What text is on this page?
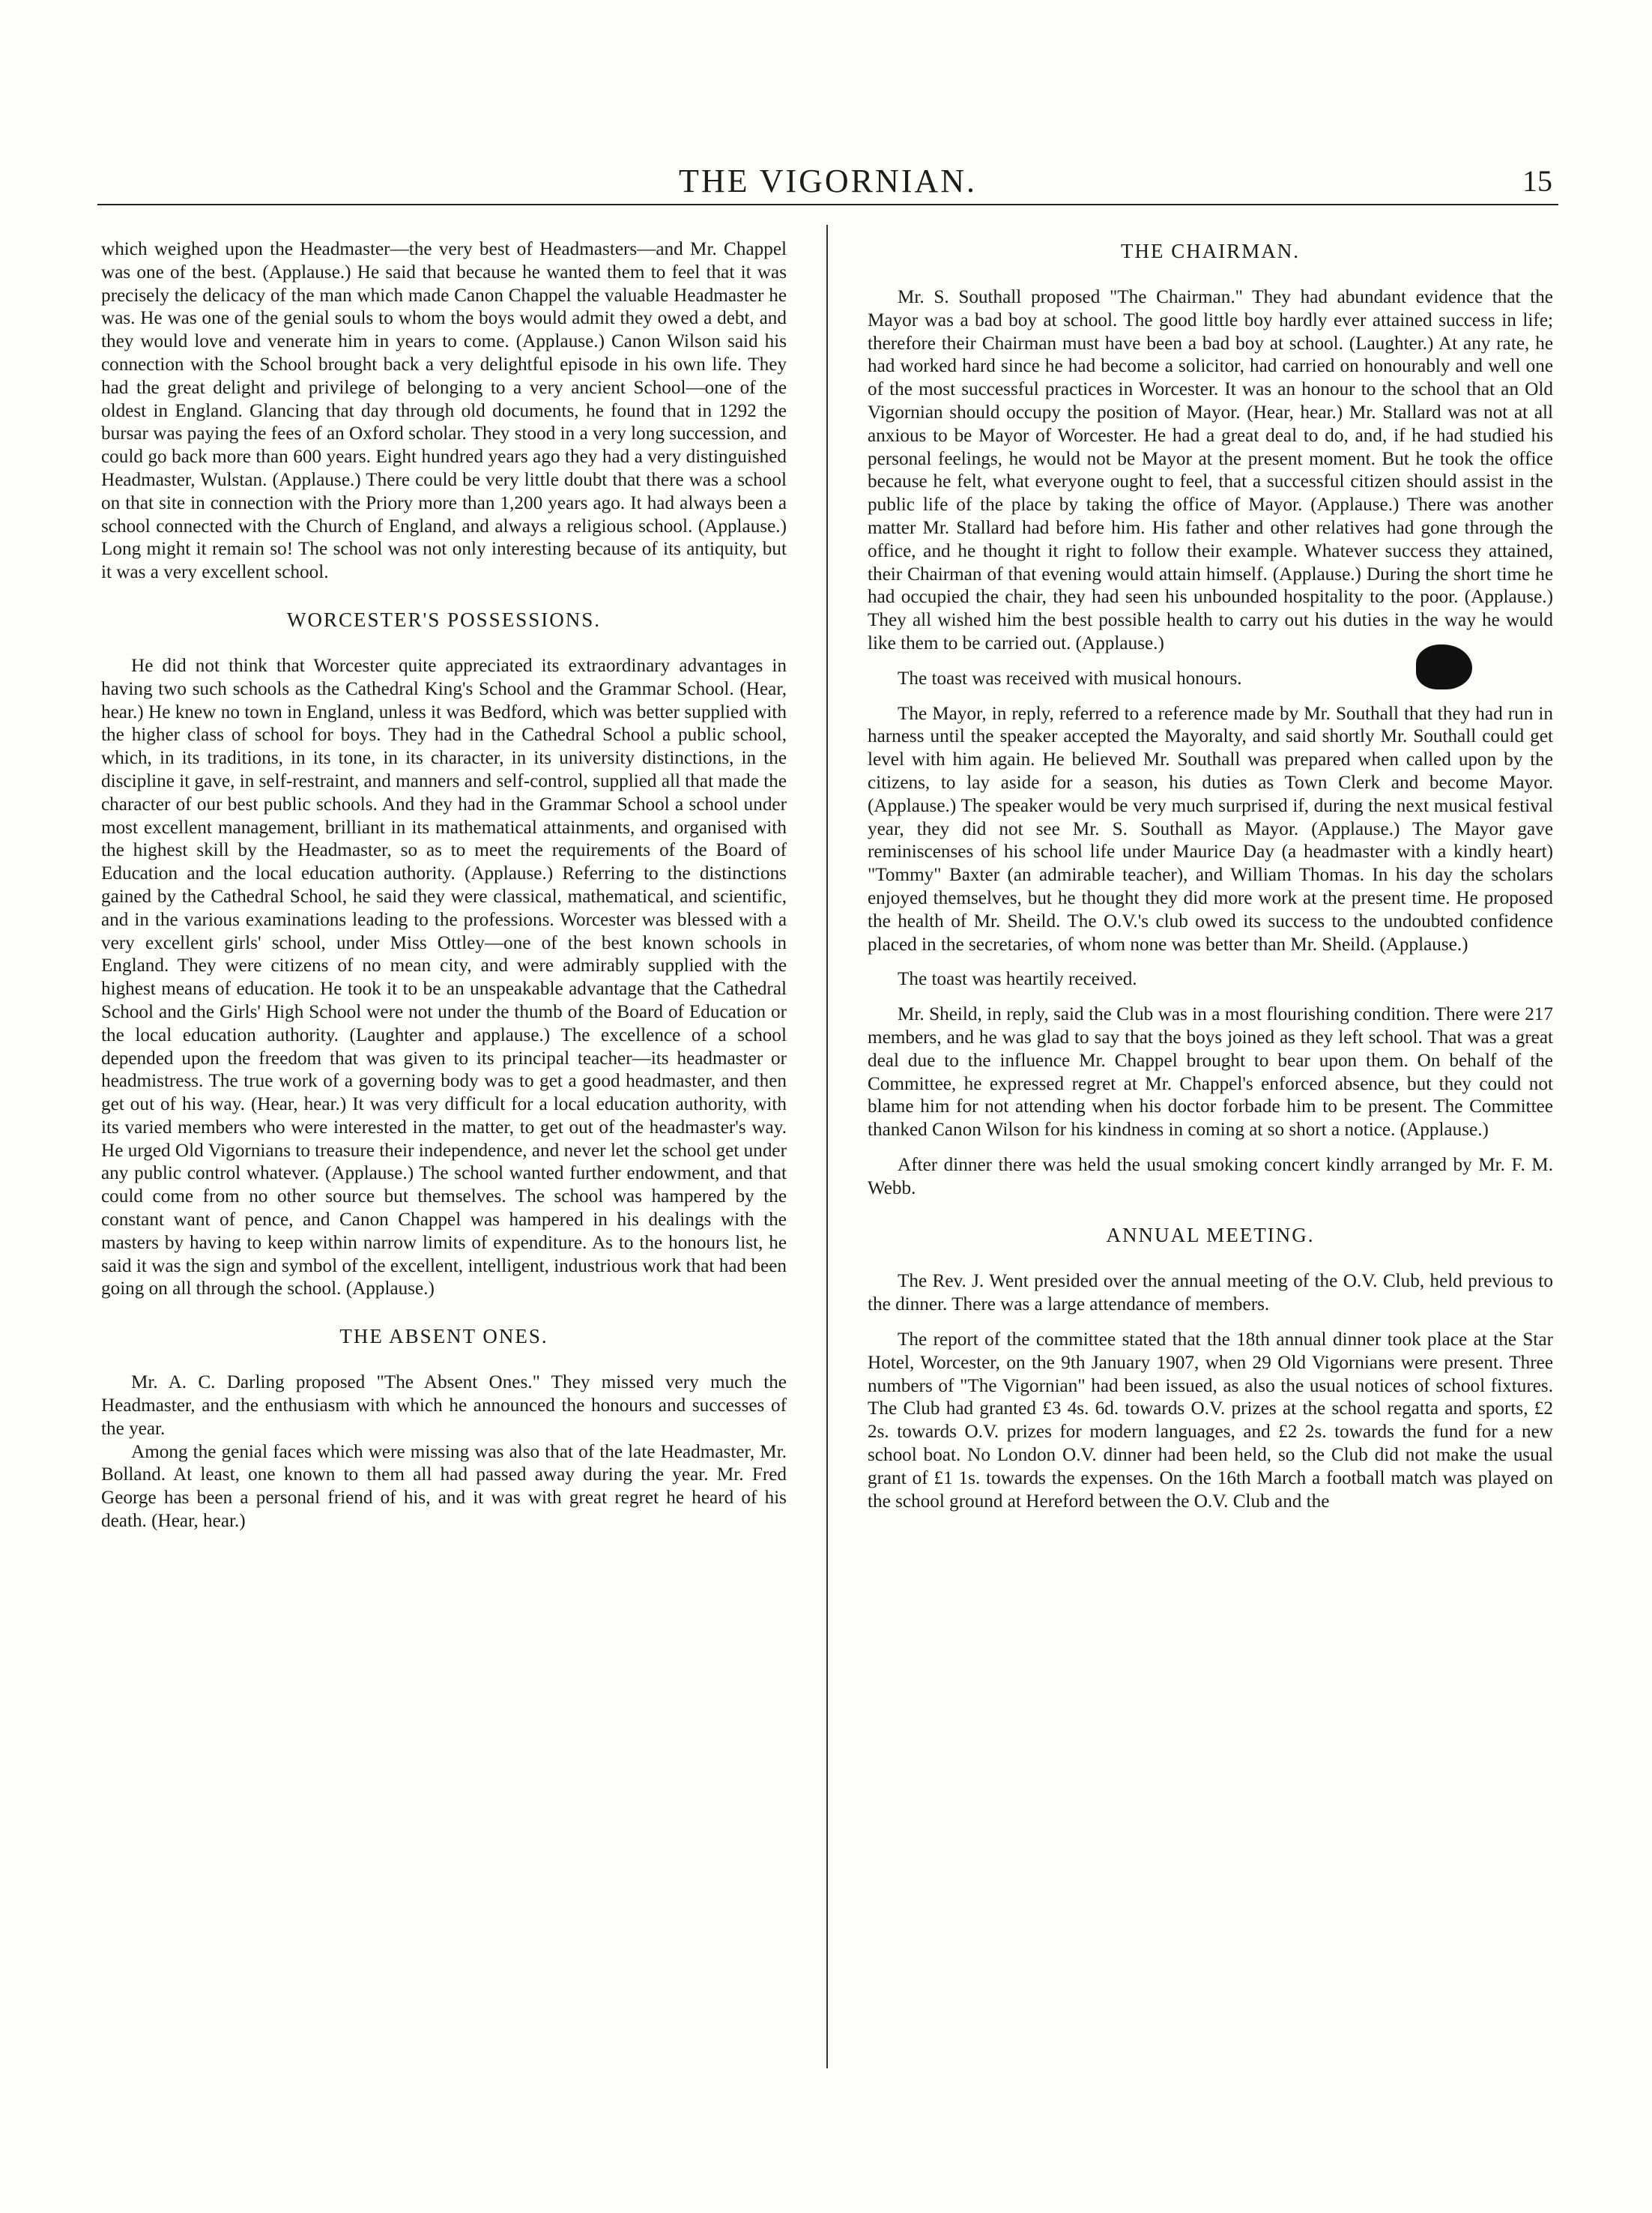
THE VIGORNIAN.	15

which weighed upon the Headmaster—the very best of Headmasters—and Mr. Chappel was one of the best. (Applause.) He said that because he wanted them to feel that it was precisely the delicacy of the man which made Canon Chappel the valuable Headmaster he was. He was one of the genial souls to whom the boys would admit they owed a debt, and they would love and venerate him in years to come. (Applause.) Canon Wilson said his connection with the School brought back a very delightful episode in his own life. They had the great delight and privilege of belonging to a very ancient School—one of the oldest in England. Glancing that day through old documents, he found that in 1292 the bursar was paying the fees of an Oxford scholar. They stood in a very long succession, and could go back more than 600 years. Eight hundred years ago they had a very distinguished Headmaster, Wulstan. (Applause.) There could be very little doubt that there was a school on that site in connection with the Priory more than 1,200 years ago. It had always been a school connected with the Church of England, and always a religious school. (Applause.) Long might it remain so! The school was not only interesting because of its antiquity, but it was a very excellent school.

WORCESTER'S POSSESSIONS.

He did not think that Worcester quite appreciated its extraordinary advantages in having two such schools as the Cathedral King's School and the Grammar School. (Hear, hear.) He knew no town in England, unless it was Bedford, which was better supplied with the higher class of school for boys. They had in the Cathedral School a public school, which, in its traditions, in its tone, in its character, in its university distinctions, in the discipline it gave, in self-restraint, and manners and self-control, supplied all that made the character of our best public schools. And they had in the Grammar School a school under most excellent management, brilliant in its mathematical attainments, and organised with the highest skill by the Headmaster, so as to meet the requirements of the Board of Education and the local education authority. (Applause.) Referring to the distinctions gained by the Cathedral School, he said they were classical, mathematical, and scientific, and in the various examinations leading to the professions. Worcester was blessed with a very excellent girls' school, under Miss Ottley—one of the best known schools in England. They were citizens of no mean city, and were admirably supplied with the highest means of education. He took it to be an unspeakable advantage that the Cathedral School and the Girls' High School were not under the thumb of the Board of Education or the local education authority. (Laughter and applause.) The excellence of a school depended upon the freedom that was given to its principal teacher—its headmaster or headmistress. The true work of a governing body was to get a good headmaster, and then get out of his way. (Hear, hear.) It was very difficult for a local education authority, with its varied members who were interested in the matter, to get out of the headmaster's way. He urged Old Vigornians to treasure their independence, and never let the school get under any public control whatever. (Applause.) The school wanted further endowment, and that could come from no other source but themselves. The school was hampered by the constant want of pence, and Canon Chappel was hampered in his dealings with the masters by having to keep within narrow limits of expenditure. As to the honours list, he said it was the sign and symbol of the excellent, intelligent, industrious work that had been going on all through the school. (Applause.)

THE ABSENT ONES.

Mr. A. C. Darling proposed "The Absent Ones." They missed very much the Headmaster, and the enthusiasm with which he announced the honours and successes of the year.

Among the genial faces which were missing was also that of the late Headmaster, Mr. Bolland. At least, one known to them all had passed away during the year. Mr. Fred George has been a personal friend of his, and it was with great regret he heard of his death. (Hear, hear.)

THE CHAIRMAN.

Mr. S. Southall proposed "The Chairman." They had abundant evidence that the Mayor was a bad boy at school. The good little boy hardly ever attained success in life; therefore their Chairman must have been a bad boy at school. (Laughter.) At any rate, he had worked hard since he had become a solicitor, had carried on honourably and well one of the most successful practices in Worcester. It was an honour to the school that an Old Vigornian should occupy the position of Mayor. (Hear, hear.) Mr. Stallard was not at all anxious to be Mayor of Worcester. He had a great deal to do, and, if he had studied his personal feelings, he would not be Mayor at the present moment. But he took the office because he felt, what everyone ought to feel, that a successful citizen should assist in the public life of the place by taking the office of Mayor. (Applause.) There was another matter Mr. Stallard had before him. His father and other relatives had gone through the office, and he thought it right to follow their example. Whatever success they attained, their Chairman of that evening would attain himself. (Applause.) During the short time he had occupied the chair, they had seen his unbounded hospitality to the poor. (Applause.) They all wished him the best possible health to carry out his duties in the way he would like them to be carried out. (Applause.)

The toast was received with musical honours.

The Mayor, in reply, referred to a reference made by Mr. Southall that they had run in harness until the speaker accepted the Mayoralty, and said shortly Mr. Southall could get level with him again. He believed Mr. Southall was prepared when called upon by the citizens, to lay aside for a season, his duties as Town Clerk and become Mayor. (Applause.) The speaker would be very much surprised if, during the next musical festival year, they did not see Mr. S. Southall as Mayor. (Applause.) The Mayor gave reminiscenses of his school life under Maurice Day (a headmaster with a kindly heart) "Tommy" Baxter (an admirable teacher), and William Thomas. In his day the scholars enjoyed themselves, but he thought they did more work at the present time. He proposed the health of Mr. Sheild. The O.V.'s club owed its success to the undoubted confidence placed in the secretaries, of whom none was better than Mr. Sheild. (Applause.)

The toast was heartily received.

Mr. Sheild, in reply, said the Club was in a most flourishing condition. There were 217 members, and he was glad to say that the boys joined as they left school. That was a great deal due to the influence Mr. Chappel brought to bear upon them. On behalf of the Committee, he expressed regret at Mr. Chappel's enforced absence, but they could not blame him for not attending when his doctor forbade him to be present. The Committee thanked Canon Wilson for his kindness in coming at so short a notice. (Applause.)

After dinner there was held the usual smoking concert kindly arranged by Mr. F. M. Webb.

ANNUAL MEETING.

The Rev. J. Went presided over the annual meeting of the O.V. Club, held previous to the dinner. There was a large attendance of members.

The report of the committee stated that the 18th annual dinner took place at the Star Hotel, Worcester, on the 9th January 1907, when 29 Old Vigornians were present. Three numbers of "The Vigornian" had been issued, as also the usual notices of school fixtures. The Club had granted £3 4s. 6d. towards O.V. prizes at the school regatta and sports, £2 2s. towards O.V. prizes for modern languages, and £2 2s. towards the fund for a new school boat. No London O.V. dinner had been held, so the Club did not make the usual grant of £1 1s. towards the expenses. On the 16th March a football match was played on the school ground at Hereford between the O.V. Club and the
